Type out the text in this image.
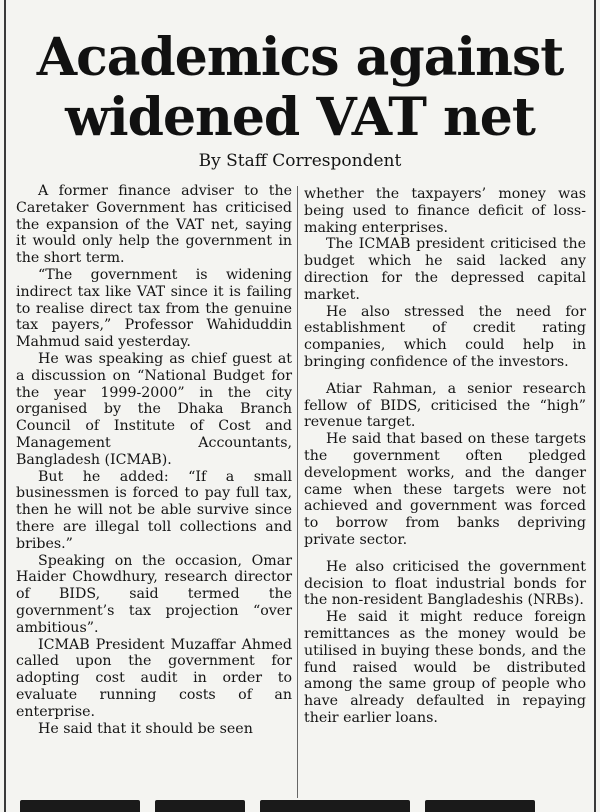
Academics against
widened VAT net

By Staff Correspondent

A former finance adviser to the Caretaker Government has criticised the expansion of the VAT net, saying it would only help the government in the short term.

“The government is widening indirect tax like VAT since it is failing to realise direct tax from the genuine tax payers,” Professor Wahiduddin Mahmud said yesterday.

He was speaking as chief guest at a discussion on “National Budget for the year 1999-2000” in the city organised by the Dhaka Branch Council of Institute of Cost and Management Accountants, Bangladesh (ICMAB).

But he added: “If a small businessmen is forced to pay full tax, then he will not be able survive since there are illegal toll collections and bribes.”

Speaking on the occasion, Omar Haider Chowdhury, research director of BIDS, said termed the government’s tax projection “over ambitious”.

ICMAB President Muzaffar Ahmed called upon the government for adopting cost audit in order to evaluate running costs of an enterprise.

He said that it should be seen

whether the taxpayers’ money was being used to finance deficit of loss-making enterprises.

The ICMAB president criticised the budget which he said lacked any direction for the depressed capital market.

He also stressed the need for establishment of credit rating companies, which could help in bringing confidence of the investors.

Atiar Rahman, a senior research fellow of BIDS, criticised the “high” revenue target.

He said that based on these targets the government often pledged development works, and the danger came when these targets were not achieved and government was forced to borrow from banks depriving private sector.

He also criticised the government decision to float industrial bonds for the non-resident Bangladeshis (NRBs).

He said it might reduce foreign remittances as the money would be utilised in buying these bonds, and the fund raised would be distributed among the same group of people who have already defaulted in repaying their earlier loans.
